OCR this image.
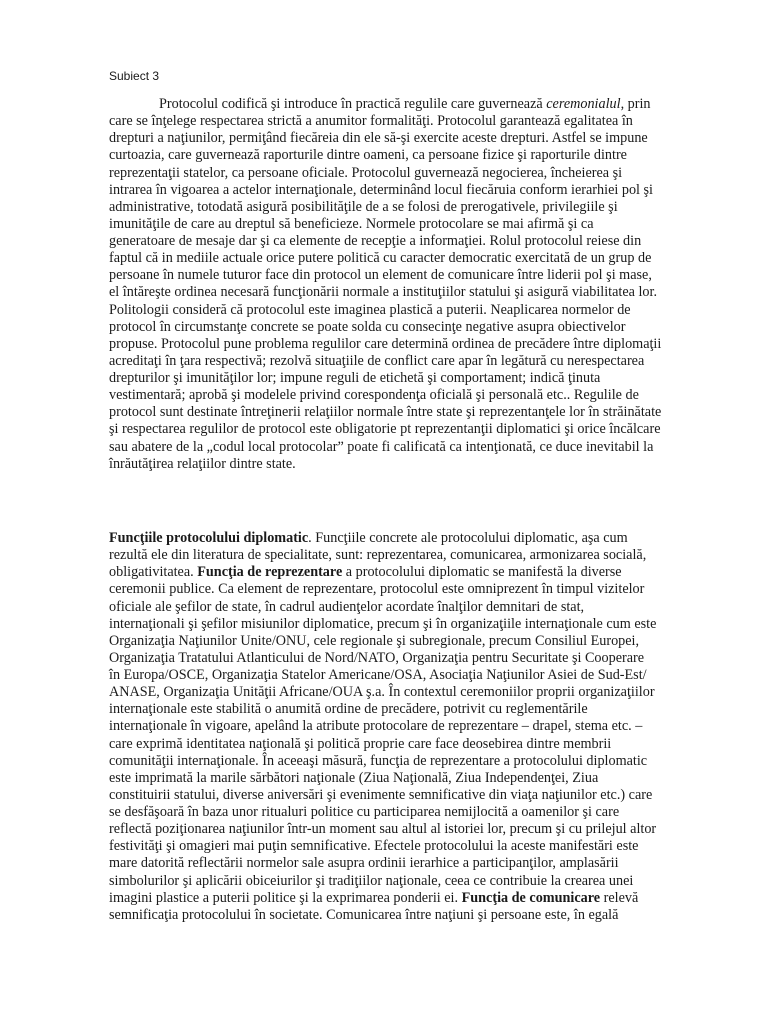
Subiect 3

Protocolul codifică şi introduce în practică regulile care guvernează ceremonialul, prin
care se înţelege respectarea strictă a anumitor formalităţi. Protocolul garantează egalitatea în
drepturi a naţiunilor, permiţând fiecăreia din ele să-şi exercite aceste drepturi. Astfel se impune
curtoazia, care guvernează raporturile dintre oameni, ca persoane fizice şi raporturile dintre
reprezentaţii statelor, ca persoane oficiale. Protocolul guvernează negocierea, încheierea şi
intrarea în vigoarea a actelor internaţionale, determinând locul fiecăruia conform ierarhiei pol şi
administrative, totodată asigură posibilităţile de a se folosi de prerogativele, privilegiile şi
imunităţile de care au dreptul să beneficieze. Normele protocolare se mai afirmă şi ca
generatoare de mesaje dar şi ca elemente de recepţie a informaţiei. Rolul protocolul reiese din
faptul că in mediile actuale orice putere politică cu caracter democratic exercitată de un grup de
persoane în numele tuturor face din protocol un element de comunicare între liderii pol şi mase,
el întăreşte ordinea necesară funcţionării normale a instituţiilor statului şi asigură viabilitatea lor.
Politologii consideră că protocolul este imaginea plastică a puterii. Neaplicarea normelor de
protocol în circumstanţe concrete se poate solda cu consecinţe negative asupra obiectivelor
propuse. Protocolul pune problema regulilor care determină ordinea de precădere între diplomaţii
acreditaţi în ţara respectivă; rezolvă situaţiile de conflict care apar în legătură cu nerespectarea
drepturilor şi imunităţilor lor; impune reguli de etichetă şi comportament; indică ţinuta
vestimentară; aprobă şi modelele privind corespondenţa oficială şi personală etc.. Regulile de
protocol sunt destinate întreţinerii relaţiilor normale între state şi reprezentanţele lor în străinătate
şi respectarea regulilor de protocol este obligatorie pt reprezentanţii diplomatici şi orice încălcare
sau abatere de la „codul local protocolar” poate fi calificată ca intenţionată, ce duce inevitabil la
înrăutăţirea relaţiilor dintre state.

Funcţiile protocolului diplomatic. Funcţiile concrete ale protocolului diplomatic, aşa cum
rezultă ele din literatura de specialitate, sunt: reprezentarea, comunicarea, armonizarea socială,
obligativitatea. Funcţia de reprezentare a protocolului diplomatic se manifestă la diverse
ceremonii publice. Ca element de reprezentare, protocolul este omniprezent în timpul vizitelor
oficiale ale şefilor de state, în cadrul audienţelor acordate înalţilor demnitari de stat,
internaţionali şi şefilor misiunilor diplomatice, precum şi în organizaţiile internaţionale cum este
Organizaţia Naţiunilor Unite/ONU, cele regionale şi subregionale, precum Consiliul Europei,
Organizaţia Tratatului Atlanticului de Nord/NATO, Organizaţia pentru Securitate şi Cooperare
în Europa/OSCE, Organizaţia Statelor Americane/OSA, Asociaţia Naţiunilor Asiei de Sud-Est/
ANASE, Organizaţia Unităţii Africane/OUA ş.a. În contextul ceremoniilor proprii organizaţiilor
internaţionale este stabilită o anumită ordine de precădere, potrivit cu reglementările
internaţionale în vigoare, apelând la atribute protocolare de reprezentare – drapel, stema etc. –
care exprimă identitatea naţională şi politică proprie care face deosebirea dintre membrii
comunităţii internaţionale. În aceeaşi măsură, funcţia de reprezentare a protocolului diplomatic
este imprimată la marile sărbători naţionale (Ziua Naţională, Ziua Independenţei, Ziua
constituirii statului, diverse aniversări şi evenimente semnificative din viaţa naţiunilor etc.) care
se desfăşoară în baza unor ritualuri politice cu participarea nemijlocită a oamenilor şi care
reflectă poziţionarea naţiunilor într-un moment sau altul al istoriei lor, precum şi cu prilejul altor
festivităţi şi omagieri mai puţin semnificative. Efectele protocolului la aceste manifestări este
mare datorită reflectării normelor sale asupra ordinii ierarhice a participanţilor, amplasării
simbolurilor şi aplicării obiceiurilor şi tradiţiilor naţionale, ceea ce contribuie la crearea unei
imagini plastice a puterii politice şi la exprimarea ponderii ei. Funcţia de comunicare relevă
semnificaţia protocolului în societate. Comunicarea între naţiuni şi persoane este, în egală
